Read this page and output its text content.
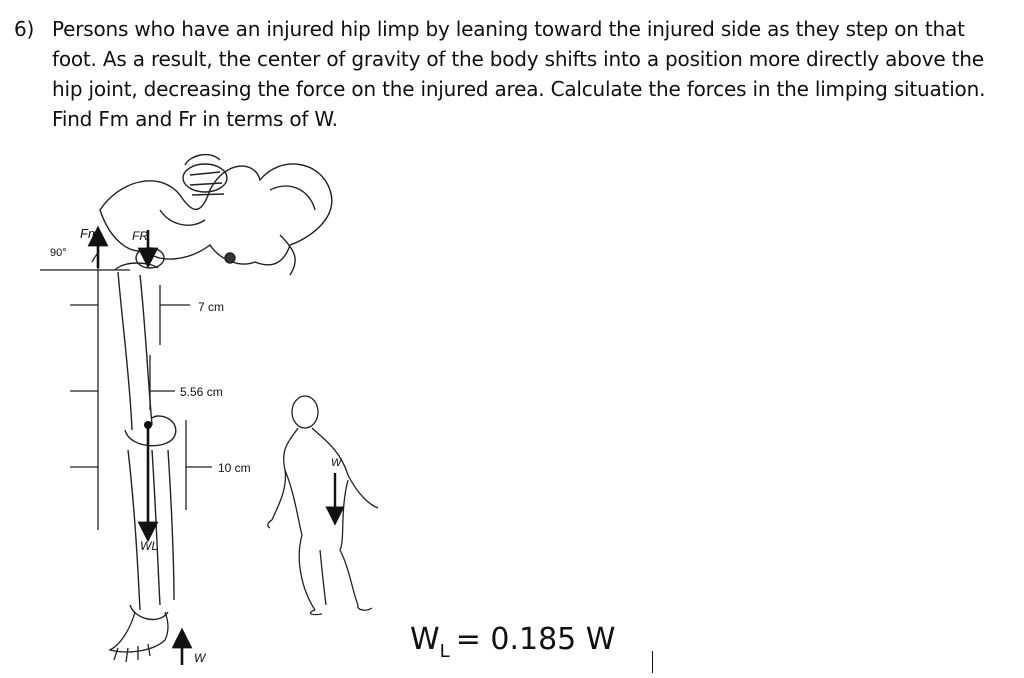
6) Persons who have an injured hip limp by leaning toward the injured side as they step on that foot. As a result, the center of gravity of the body shifts into a position more directly above the hip joint, decreasing the force on the injured area. Calculate the forces in the limping situation. Find Fm and Fr in terms of W.
Fm	FR
90°
7 cm
5.56 cm
10 cm
WL
W
W
$W_L = 0.185$ W
